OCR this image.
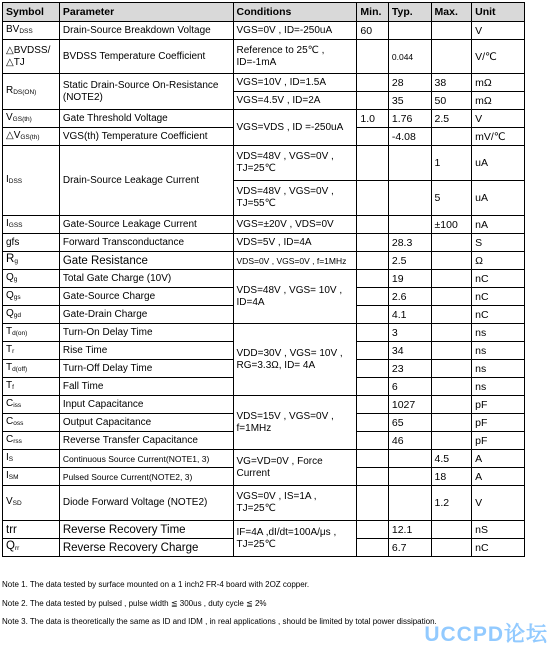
Symbol	Parameter	Conditions	Min.	Typ.	Max.	Unit
$BV_{DSS}$	Drain-Source Breakdown Voltage	VGS=0V , ID=-250uA	60			V
△BVDSS/△TJ	BVDSS Temperature Coefficient	Reference to 25℃ , ID=-1mA		0.044		V/℃
$R_{DS(ON)}$	Static Drain-Source On-Resistance (NOTE2)	VGS=10V , ID=1.5A		28	38	mΩ
		VGS=4.5V , ID=2A		35	50	mΩ
$V_{GS(th)}$	Gate Threshold Voltage	VGS=VDS , ID =-250uA	1.0	1.76	2.5	V
$\triangle V_{GS(th)}$	VGS(th) Temperature Coefficient			-4.08		mV/℃
$I_{DSS}$	Drain-Source Leakage Current	VDS=48V , VGS=0V , TJ=25℃			1	uA
		VDS=48V , VGS=0V , TJ=55℃			5	uA
$I_{GSS}$	Gate-Source Leakage Current	VGS=±20V , VDS=0V			±100	nA
gfs	Forward Transconductance	VDS=5V , ID=4A		28.3		S
$R_g$	Gate Resistance	VDS=0V , VGS=0V , f=1MHz		2.5		Ω
$Q_g$	Total Gate Charge (10V)	VDS=48V , VGS= 10V , ID=4A		19		nC
$Q_{gs}$	Gate-Source Charge			2.6		nC
$Q_{gd}$	Gate-Drain Charge			4.1		nC
$T_{d(on)}$	Turn-On Delay Time	VDD=30V , VGS= 10V , RG=3.3Ω, ID= 4A		3		ns
$T_r$	Rise Time			34		ns
$T_{d(off)}$	Turn-Off Delay Time			23		ns
$T_f$	Fall Time			6		ns
$C_{iss}$	Input Capacitance	VDS=15V , VGS=0V , f=1MHz		1027		pF
$C_{oss}$	Output Capacitance			65		pF
$C_{rss}$	Reverse Transfer Capacitance			46		pF
$I_S$	Continuous Source Current(NOTE1, 3)	VG=VD=0V , Force Current			4.5	A
$I_{SM}$	Pulsed Source Current(NOTE2, 3)				18	A
$V_{SD}$	Diode Forward Voltage (NOTE2)	VGS=0V , IS=1A , TJ=25℃			1.2	V
trr	Reverse Recovery Time	IF=4A ,dI/dt=100A/μs , TJ=25℃		12.1		nS
$Q_{rr}$	Reverse Recovery Charge			6.7		nC
Note 1. The data tested by surface mounted on a 1 inch2 FR-4 board with 2OZ copper.
Note 2. The data tested by pulsed , pulse width ≦ 300us , duty cycle ≦ 2%
Note 3. The data is theoretically the same as ID and IDM , in real applications , should be limited by total power dissipation.
UCCPD论坛
